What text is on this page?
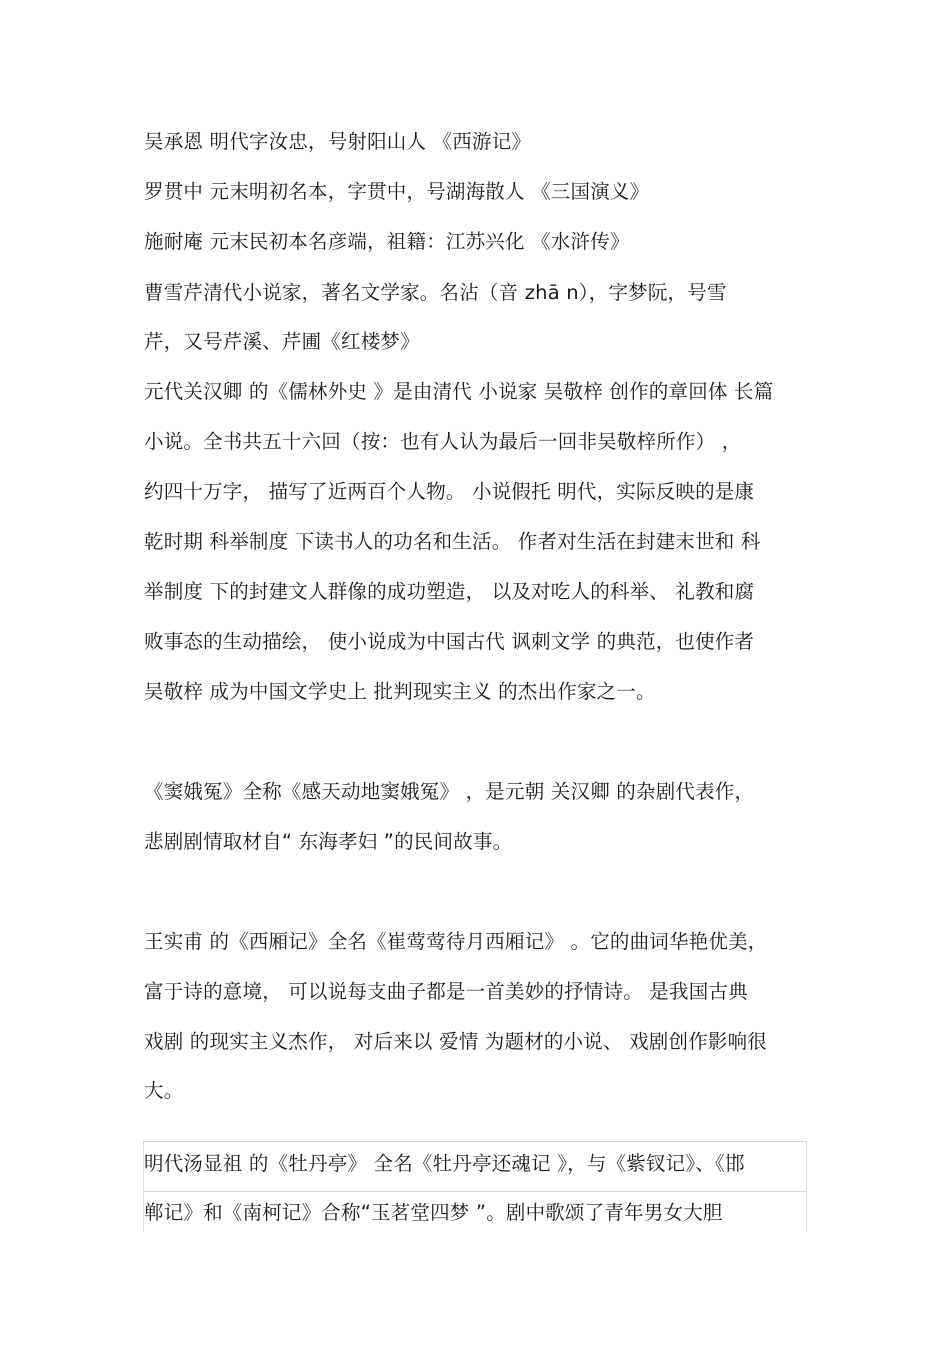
吴承恩 明代字汝忠，号射阳山人 《西游记》
罗贯中 元末明初名本，字贯中，号湖海散人 《三国演义》
施耐庵 元末民初本名彦端，祖籍：江苏兴化 《水浒传》
曹雪芹清代小说家，著名文学家。名沾（音 zhā n），字梦阮，号雪
芹，又号芹溪、芹圃《红楼梦》
元代关汉卿 的《儒林外史 》是由清代 小说家 吴敬梓 创作的章回体 长篇
小说。全书共五十六回（按：也有人认为最后一回非吴敬梓所作） ，
约四十万字， 描写了近两百个人物。 小说假托 明代，实际反映的是康
乾时期 科举制度 下读书人的功名和生活。 作者对生活在封建末世和 科
举制度 下的封建文人群像的成功塑造， 以及对吃人的科举、 礼教和腐
败事态的生动描绘， 使小说成为中国古代 讽刺文学 的典范，也使作者
吴敬梓 成为中国文学史上 批判现实主义 的杰出作家之一。
《窦娥冤》全称《感天动地窦娥冤》 ，是元朝 关汉卿 的杂剧代表作，
悲剧剧情取材自“ 东海孝妇 ”的民间故事。
王实甫 的《西厢记》全名《崔莺莺待月西厢记》 。它的曲词华艳优美，
富于诗的意境， 可以说每支曲子都是一首美妙的抒情诗。 是我国古典
戏剧 的现实主义杰作， 对后来以 爱情 为题材的小说、 戏剧创作影响很
大。
明代汤显祖 的《牡丹亭》 全名《牡丹亭还魂记 》，与《紫钗记》、《邯
郸记》和《南柯记》合称“玉茗堂四梦 ”。剧中歌颂了青年男女大胆
